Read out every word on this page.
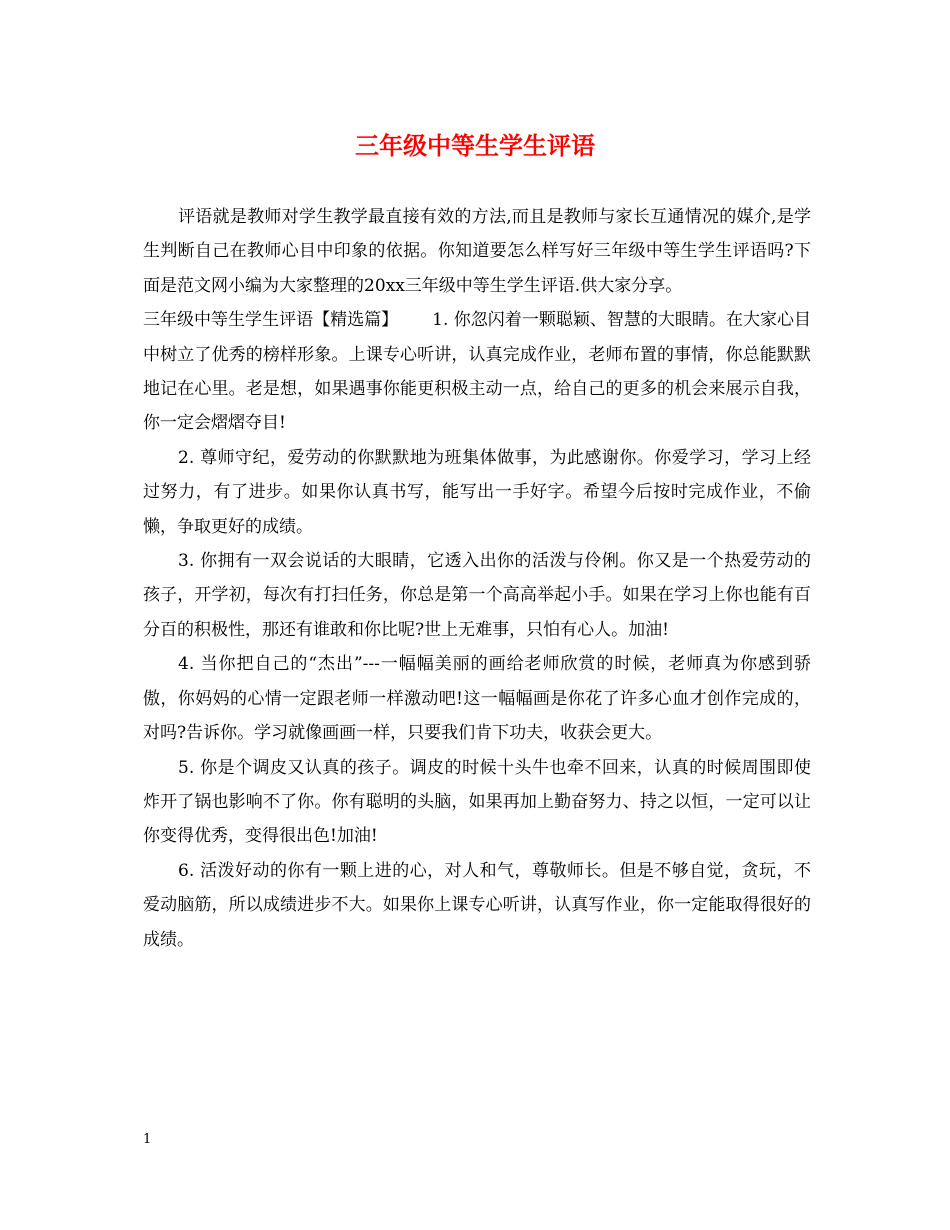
三年级中等生学生评语

评语就是教师对学生教学最直接有效的方法,而且是教师与家长互通情况的媒介,是学生判断自己在教师心目中印象的依据。你知道要怎么样写好三年级中等生学生评语吗?下面是范文网小编为大家整理的20xx三年级中等生学生评语.供大家分享。

三年级中等生学生评语【精选篇】 1. 你忽闪着一颗聪颖、智慧的大眼睛。在大家心目中树立了优秀的榜样形象。上课专心听讲，认真完成作业，老师布置的事情，你总能默默地记在心里。老是想，如果遇事你能更积极主动一点，给自己的更多的机会来展示自我，你一定会熠熠夺目!

2. 尊师守纪，爱劳动的你默默地为班集体做事，为此感谢你。你爱学习，学习上经过努力，有了进步。如果你认真书写，能写出一手好字。希望今后按时完成作业，不偷懒，争取更好的成绩。

3. 你拥有一双会说话的大眼睛，它透入出你的活泼与伶俐。你又是一个热爱劳动的孩子，开学初，每次有打扫任务，你总是第一个高高举起小手。如果在学习上你也能有百分百的积极性，那还有谁敢和你比呢?世上无难事，只怕有心人。加油!

4. 当你把自己的“杰出”---一幅幅美丽的画给老师欣赏的时候，老师真为你感到骄傲，你妈妈的心情一定跟老师一样激动吧!这一幅幅画是你花了许多心血才创作完成的，对吗?告诉你。学习就像画画一样，只要我们肯下功夫，收获会更大。

5. 你是个调皮又认真的孩子。调皮的时候十头牛也牵不回来，认真的时候周围即使炸开了锅也影响不了你。你有聪明的头脑，如果再加上勤奋努力、持之以恒，一定可以让你变得优秀，变得很出色!加油!

6. 活泼好动的你有一颗上进的心，对人和气，尊敬师长。但是不够自觉，贪玩，不爱动脑筋，所以成绩进步不大。如果你上课专心听讲，认真写作业，你一定能取得很好的成绩。

1
